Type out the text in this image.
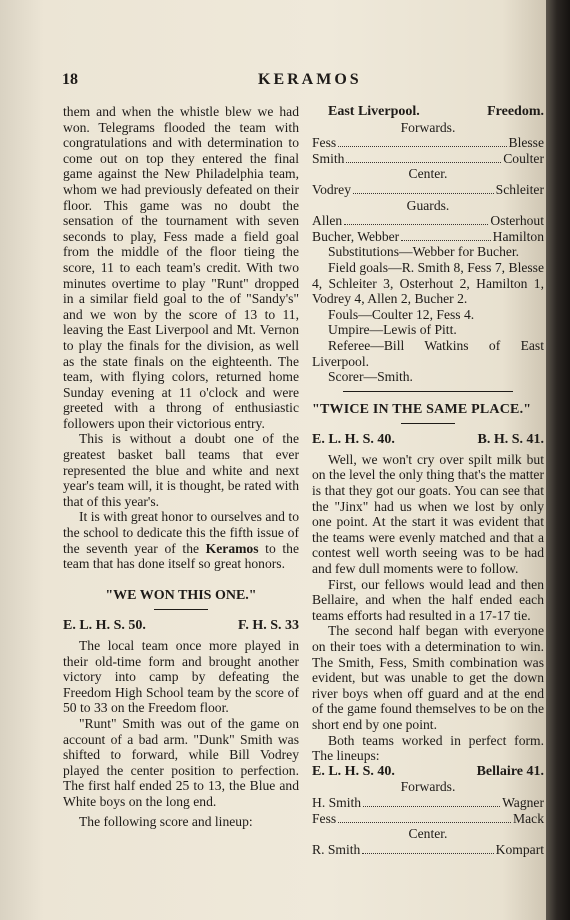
18	KERAMOS

them and when the whistle blew we had won. Telegrams flooded the team with congratulations and with determination to come out on top they entered the final game against the New Philadelphia team, whom we had previously defeated on their floor. This game was no doubt the sensation of the tournament with seven seconds to play, Fess made a field goal from the middle of the floor tieing the score, 11 to each team's credit. With two minutes overtime to play "Runt" dropped in a similar field goal to the of "Sandy's" and we won by the score of 13 to 11, leaving the East Liverpool and Mt. Vernon to play the finals for the division, as well as the state finals on the eighteenth. The team, with flying colors, returned home Sunday evening at 11 o'clock and were greeted with a throng of enthusiastic followers upon their victorious entry.

This is without a doubt one of the greatest basket ball teams that ever represented the blue and white and next year's team will, it is thought, be rated with that of this year's.

It is with great honor to ourselves and to the school to dedicate this the fifth issue of the seventh year of the Keramos to the team that has done itself so great honors.

"WE WON THIS ONE."
E. L. H. S. 50.	F. H. S. 33

The local team once more played in their old-time form and brought another victory into camp by defeating the Freedom High School team by the score of 50 to 33 on the Freedom floor.

"Runt" Smith was out of the game on account of a bad arm. "Dunk" Smith was shifted to forward, while Bill Vodrey played the center position to perfection. The first half ended 25 to 13, the Blue and White boys on the long end.

The following score and lineup:

East Liverpool.	Freedom.
Forwards.
Fess	Blesse
Smith	Coulter
Center.
Vodrey	Schleiter
Guards.
Allen	Osterhout
Bucher, Webber	Hamilton

Substitutions—Webber for Bucher.

Field goals—R. Smith 8, Fess 7, Blesse 4, Schleiter 3, Osterhout 2, Hamilton 1, Vodrey 4, Allen 2, Bucher 2.

Fouls—Coulter 12, Fess 4.

Umpire—Lewis of Pitt.

Referee—Bill Watkins of East Liverpool.

Scorer—Smith.

"TWICE IN THE SAME PLACE."
E. L. H. S. 40.	B. H. S. 41.

Well, we won't cry over spilt milk but on the level the only thing that's the matter is that they got our goats. You can see that the "Jinx" had us when we lost by only one point. At the start it was evident that the teams were evenly matched and that a contest well worth seeing was to be had and few dull moments were to follow.

First, our fellows would lead and then Bellaire, and when the half ended each teams efforts had resulted in a 17-17 tie.

The second half began with everyone on their toes with a determination to win. The Smith, Fess, Smith combination was evident, but was unable to get the down river boys when off guard and at the end of the game found themselves to be on the short end by one point.

Both teams worked in perfect form. The lineups:

E. L. H. S. 40.	Bellaire 41.
Forwards.
H. Smith	Wagner
Fess	Mack
Center.
R. Smith	Kompart
